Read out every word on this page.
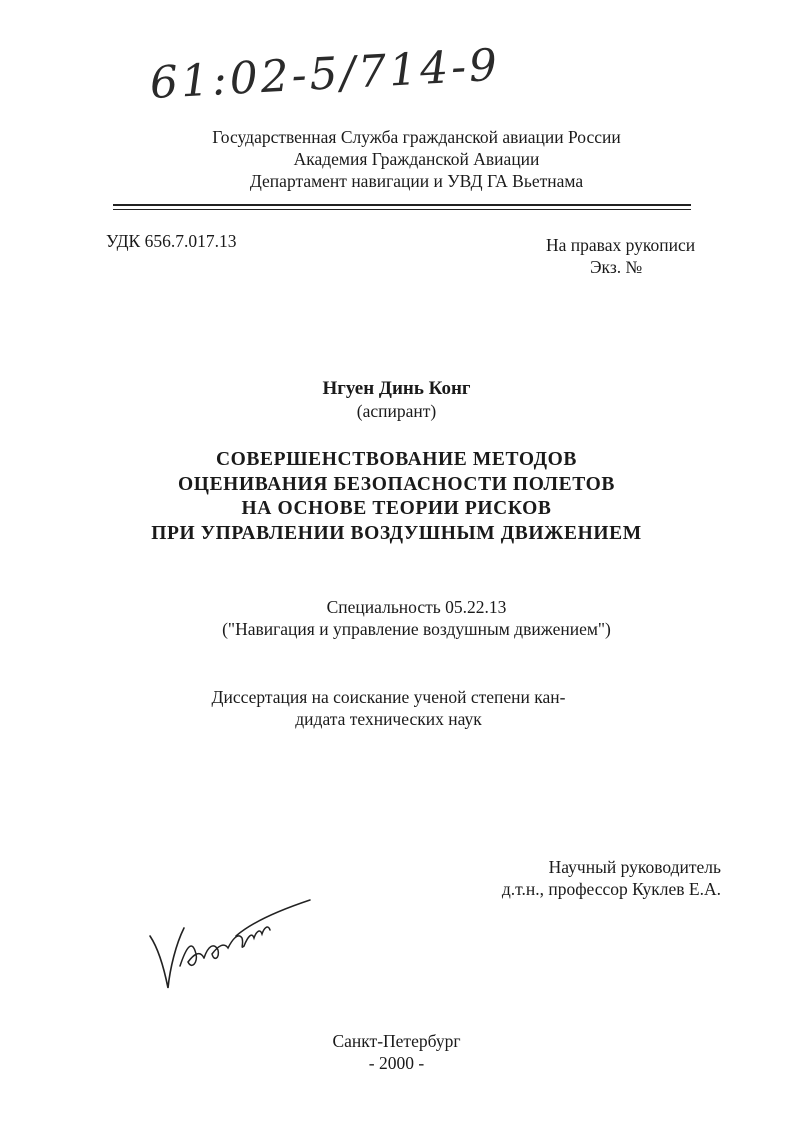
61:02-5/714-9
Государственная Служба гражданской авиации России
Академия Гражданской Авиации
Департамент навигации и УВД ГА Вьетнама
УДК 656.7.017.13	На правах рукописи
Экз. №
Нгуен Динь Конг
(аспирант)
СОВЕРШЕНСТВОВАНИЕ МЕТОДОВ
ОЦЕНИВАНИЯ БЕЗОПАСНОСТИ ПОЛЕТОВ
НА ОСНОВЕ ТЕОРИИ РИСКОВ
ПРИ УПРАВЛЕНИИ ВОЗДУШНЫМ ДВИЖЕНИЕМ
Специальность 05.22.13
("Навигация и управление воздушным движением")
Диссертация на соискание ученой степени кан-
дидата технических наук
Научный руководитель
д.т.н., профессор Куклев Е.А.
Санкт-Петербург
- 2000 -
